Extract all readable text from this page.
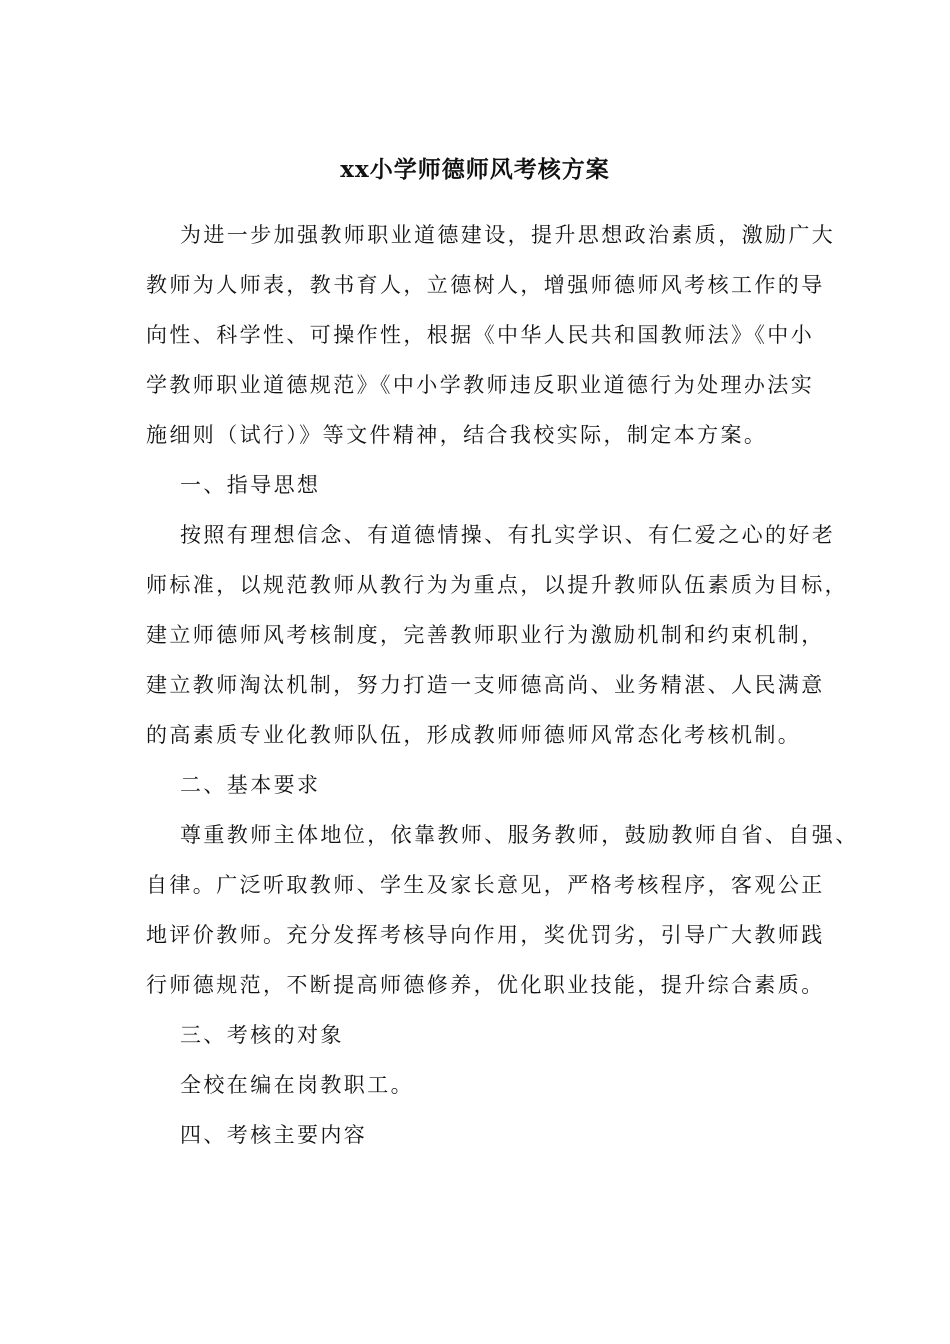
xx小学师德师风考核方案
为进一步加强教师职业道德建设，提升思想政治素质，激励广大
教师为人师表，教书育人，立德树人，增强师德师风考核工作的导
向性、科学性、可操作性，根据《中华人民共和国教师法》《中小
学教师职业道德规范》《中小学教师违反职业道德行为处理办法实
施细则（试行）》等文件精神，结合我校实际，制定本方案。
一、指导思想
按照有理想信念、有道德情操、有扎实学识、有仁爱之心的好老
师标准，以规范教师从教行为为重点，以提升教师队伍素质为目标，
建立师德师风考核制度，完善教师职业行为激励机制和约束机制，
建立教师淘汰机制，努力打造一支师德高尚、业务精湛、人民满意
的高素质专业化教师队伍，形成教师师德师风常态化考核机制。
二、基本要求
尊重教师主体地位，依靠教师、服务教师，鼓励教师自省、自强、
自律。广泛听取教师、学生及家长意见，严格考核程序，客观公正
地评价教师。充分发挥考核导向作用，奖优罚劣，引导广大教师践
行师德规范，不断提高师德修养，优化职业技能，提升综合素质。
三、考核的对象
全校在编在岗教职工。
四、考核主要内容
